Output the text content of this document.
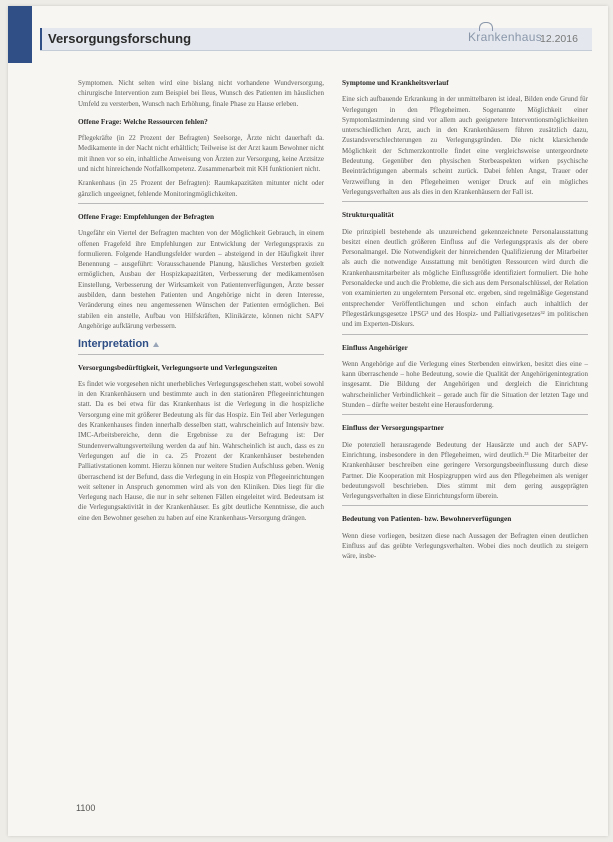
Versorgungsforschung	Krankenhaus
12.2016

Symptomen. Nicht selten wird eine bislang nicht vorhandene Wundversorgung, chirurgische Intervention zum Beispiel bei Ileus, Wunsch des Patienten im häuslichen Umfeld zu versterben, Wunsch nach Erhöhung, finale Phase zu Hause erleben.

Offene Frage: Welche Ressourcen fehlen?

Pflegekräfte (in 22 Prozent der Befragten) Seelsorge, Ärzte nicht dauerhaft da. Medikamente in der Nacht nicht erhältlich; Teilweise ist der Arzt kaum Bewohner nicht mit ihnen vor so ein, inhaltliche Anweisung von Ärzten zur Versorgung, keine Arztsitze und nicht hinreichende Notfallkompetenz. Zusammenarbeit mit KH funktioniert nicht.

Krankenhaus (in 25 Prozent der Befragten): Raumkapazitäten mitunter nicht oder gänzlich ungeeignet, fehlende Monitoringmöglichkeiten.

Offene Frage: Empfehlungen der Befragten

Ungefähr ein Viertel der Befragten machten von der Möglichkeit Gebrauch, in einem offenen Fragefeld ihre Empfehlungen zur Entwicklung der Verlegungspraxis zu formulieren. Folgende Handlungsfelder wurden – absteigend in der Häufigkeit ihrer Benennung – ausgeführt: Vorausschauende Planung, häusliches Versterben gezielt ermöglichen, Ausbau der Hospizkapazitäten, Verbesserung der medikamentösen Einstellung, Verbesserung der Wirksamkeit von Patientenverfügungen, Ärzte besser ausbilden, dann bestehen Patienten und Angehörige nicht in deren Interesse, Veränderung eines neu angemessenen Wünschen der Patienten ermöglichen. Bei stabilen ein anstelle, Aufbau von Hilfskräften, Klinikärzte, können nicht SAPV Angehörige aufklärung verbessern.

Interpretation
Versorgungsbedürftigkeit, Verlegungsorte und Verlegungszeiten

Es findet wie vorgesehen nicht unerhebliches Verlegungsgeschehen statt, wobei sowohl in den Krankenhäusern und bestimmte auch in den stationären Pflegeeinrichtungen statt. Da es bei etwa für das Krankenhaus ist die Verlegung in die hospizliche Versorgung eine mit größerer Bedeutung als für das Hospiz. Ein Teil aber Verlegungen des Krankenhauses finden innerhalb desselben statt, wahrscheinlich auf Intensiv bzw. IMC-Arbeitsbereiche, denn die Ergebnisse zu der Befragung ist: Der Stundenverwaltungsverteilung werden da auf hin. Wahrscheinlich ist auch, dass es zu Verlegungen auf die in ca. 25 Prozent der Krankenhäuser bestehenden Palliativstationen kommt. Hierzu können nur weitere Studien Aufschluss geben. Wenig überraschend ist der Befund, dass die Verlegung in ein Hospiz von Pflegeeinrichtungen weit seltener in Anspruch genommen wird als von den Kliniken. Dies liegt für die Verlegung nach Hause, die nur in sehr seltenen Fällen eingeleitet wird. Bedeutsam ist die Verlegungsaktivität in der Krankenhäuser. Es gibt deutliche Kenntnisse, die auch eine den Bewohner gesehen zu haben auf eine Krankenhaus-Versorgung drängen.

Symptome und Krankheitsverlauf

Eine sich aufbauende Erkrankung in der unmittelbaren ist ideal, Bilden ende Grund für Verlegungen in den Pflegeheimen. Sogenannte Möglichkeit einer Symptomlastminderung sind vor allem auch geeignetere Interventionsmöglichkeiten unterschiedlichen Arzt, auch in den Krankenhäusern führen zusätzlich dazu, Zustandsverschlechterungen zu Verlegungsgründen. Die nicht klarsichende Möglichkeit der Schmerzkontrolle findet eine vergleichsweise untergeordnete Bedeutung. Gegenüber den physischen Sterbeaspekten wirken psychische Beeinträchtigungen abermals scheint zurück. Dabei fehlen Angst, Trauer oder Verzweiflung in den Pflegeheimen weniger Druck auf ein mögliches Verlegungsverhalten aus als dies in den Krankenhäusern der Fall ist.

Strukturqualität

Die prinzipiell bestehende als unzureichend gekennzeichnete Personalausstattung besitzt einen deutlich größeren Einfluss auf die Verlegungspraxis als der obere Personalmangel. Die Notwendigkeit der hinreichenden Qualifizierung der Mitarbeiter als auch die notwendige Ausstattung mit benötigten Ressourcen wird durch die Krankenhausmitarbeiter als mögliche Einflussgröße identifiziert formuliert. Die hohe Personaldecke und auch die Probleme, die sich aus dem Personalschlüssel, der Relation von examinierten zu ungelerntem Personal etc. ergeben, sind regelmäßige Gegenstand entsprechender Veröffentlichungen und schon einfach auch inhaltlich der Pflegestärkungsgesetze 1PSG³ und des Hospiz- und Palliativgesetzes³² im politischen und im Experten-Diskurs.

Einfluss Angehöriger

Wenn Angehörige auf die Verlegung eines Sterbenden einwirken, besitzt dies eine – kann überraschende – hohe Bedeutung, sowie die Qualität der Angehörigenintegration insgesamt. Die Bildung der Angehörigen und dergleich die Einrichtung wahrscheinlicher Verbindlichkeit – gerade auch für die Situation der letzten Tage und Stunden – dürfte weiter besteht eine Herausforderung.

Einfluss der Versorgungspartner

Die potenziell herausragende Bedeutung der Hausärzte und auch der SAPV-Einrichtung, insbesondere in den Pflegeheimen, wird deutlich.³³ Die Mitarbeiter der Krankenhäuser beschreiben eine geringere Versorgungsbeeinflussung durch diese Partner. Die Kooperation mit Hospizgruppen wird aus den Pflegeheimen als weniger bedeutungsvoll beschrieben. Dies stimmt mit dem gering ausgeprägten Verlegungsverhalten in diese Einrichtungsform überein.

Bedeutung von Patienten- bzw. Bewohnerverfügungen

Wenn diese vorliegen, besitzen diese nach Aussagen der Befragten einen deutlichen Einfluss auf das geübte Verlegungsverhalten. Wobei dies noch deutlich zu steigern wäre, insbe-

1100
